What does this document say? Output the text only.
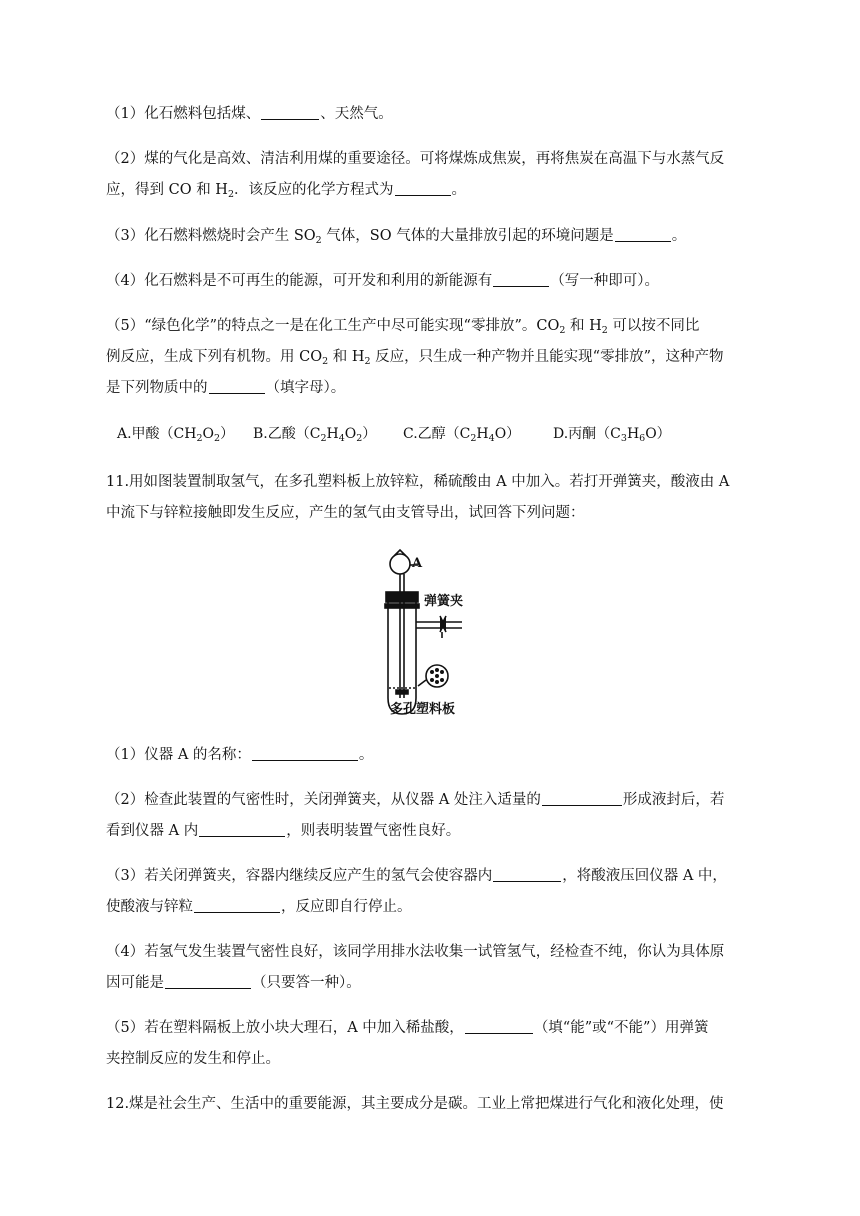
（1）化石燃料包括煤、	、天然气。
（2）煤的气化是高效、清洁利用煤的重要途径。可将煤炼成焦炭，再将焦炭在高温下与水蒸气反
应，得到 CO 和 $H_2$．该反应的化学方程式为	。
（3）化石燃料燃烧时会产生 $SO_2$ 气体，SO 气体的大量排放引起的环境问题是	。
（4）化石燃料是不可再生的能源，可开发和利用的新能源有	（写一种即可）。
（5）“绿色化学”的特点之一是在化工生产中尽可能实现“零排放”。$CO_2$ 和 $H_2$ 可以按不同比
例反应，生成下列有机物。用 $CO_2$ 和 $H_2$ 反应，只生成一种产物并且能实现“零排放”，这种产物
是下列物质中的	（填字母）。
A.甲酸$(CH_2O_2)$ B.乙酸$(C_2H_4O_2)$ C.乙醇$(C_2H_4O)$ D.丙酮$(C_3H_6O)$
11.用如图装置制取氢气，在多孔塑料板上放锌粒，稀硫酸由 A 中加入。若打开弹簧夹，酸液由 A
中流下与锌粒接触即发生反应，产生的氢气由支管导出，试回答下列问题：
A
弹簧夹
多孔塑料板
（1）仪器 A 的名称：	。
（2）检查此装置的气密性时，关闭弹簧夹，从仪器 A 处注入适量的	形成液封后，若
看到仪器 A 内	，则表明装置气密性良好。
（3）若关闭弹簧夹，容器内继续反应产生的氢气会使容器内	，将酸液压回仪器 A 中，
使酸液与锌粒	，反应即自行停止。
（4）若氢气发生装置气密性良好，该同学用排水法收集一试管氢气，经检查不纯，你认为具体原
因可能是	（只要答一种）。
（5）若在塑料隔板上放小块大理石，A 中加入稀盐酸，	（填“能”或“不能”）用弹簧
夹控制反应的发生和停止。
12.煤是社会生产、生活中的重要能源，其主要成分是碳。工业上常把煤进行气化和液化处理，使
